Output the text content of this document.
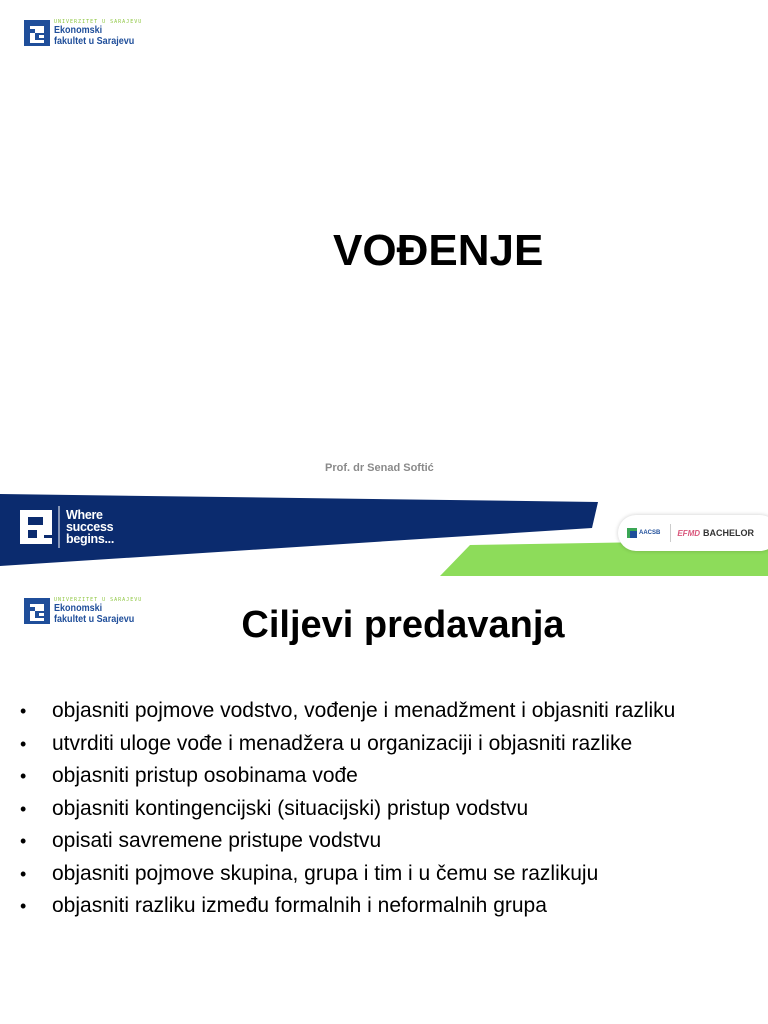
UNIVERZITET U SARAJEVU
Ekonomski
fakultet u Sarajevu
VOĐENJE
Prof. dr Senad Softić
Where
success
begins...	AACSB EFMD BACHELOR
UNIVERZITET U SARAJEVU
Ekonomski
fakultet u Sarajevu	Ciljevi predavanja
•	objasniti pojmove vodstvo, vođenje i menadžment i objasniti razliku
•	utvrditi uloge vođe i menadžera u organizaciji i objasniti razlike
•	objasniti pristup osobinama vođe
•	objasniti kontingencijski (situacijski) pristup vodstvu
•	opisati savremene pristupe vodstvu
•	objasniti pojmove skupina, grupa i tim i u čemu se razlikuju
•	objasniti razliku između formalnih i neformalnih grupa
